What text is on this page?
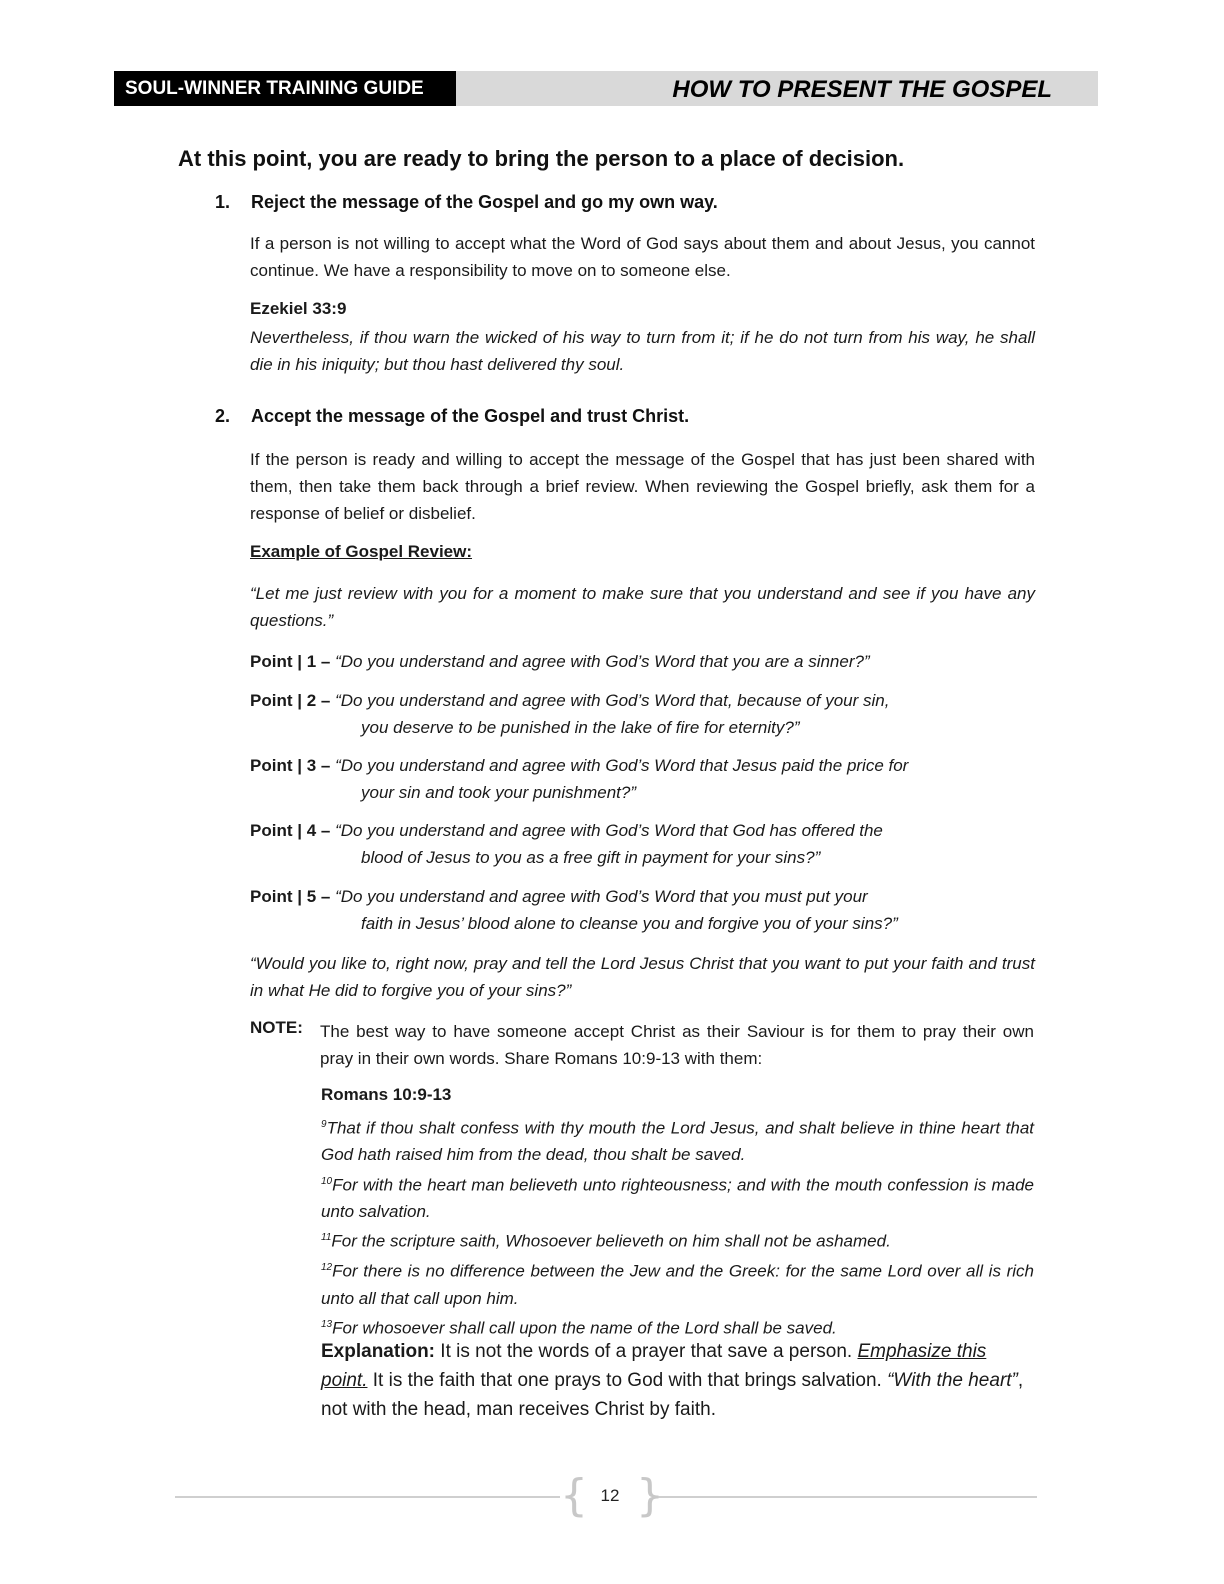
SOUL-WINNER TRAINING GUIDE	HOW TO PRESENT THE GOSPEL
At this point, you are ready to bring the person to a place of decision.
1. Reject the message of the Gospel and go my own way.
If a person is not willing to accept what the Word of God says about them and about Jesus, you cannot continue. We have a responsibility to move on to someone else.
Ezekiel 33:9
Nevertheless, if thou warn the wicked of his way to turn from it; if he do not turn from his way, he shall die in his iniquity; but thou hast delivered thy soul.
2. Accept the message of the Gospel and trust Christ.
If the person is ready and willing to accept the message of the Gospel that has just been shared with them, then take them back through a brief review. When reviewing the Gospel briefly, ask them for a response of belief or disbelief.
Example of Gospel Review:
“Let me just review with you for a moment to make sure that you understand and see if you have any questions.”
Point | 1 – “Do you understand and agree with God’s Word that you are a sinner?”
Point | 2 – “Do you understand and agree with God’s Word that, because of your sin,
you deserve to be punished in the lake of fire for eternity?”
Point | 3 – “Do you understand and agree with God’s Word that Jesus paid the price for
your sin and took your punishment?”
Point | 4 – “Do you understand and agree with God’s Word that God has offered the
blood of Jesus to you as a free gift in payment for your sins?”
Point | 5 – “Do you understand and agree with God’s Word that you must put your
faith in Jesus’ blood alone to cleanse you and forgive you of your sins?”
“Would you like to, right now, pray and tell the Lord Jesus Christ that you want to put your faith and trust in what He did to forgive you of your sins?”
NOTE: The best way to have someone accept Christ as their Saviour is for them to pray their own pray in their own words. Share Romans 10:9-13 with them:
Romans 10:9-13
$^9$That if thou shalt confess with thy mouth the Lord Jesus, and shalt believe in thine heart that God hath raised him from the dead, thou shalt be saved.
$^{10}$For with the heart man believeth unto righteousness; and with the mouth confession is made unto salvation.
$^{11}$For the scripture saith, Whosoever believeth on him shall not be ashamed.
$^{12}$For there is no difference between the Jew and the Greek: for the same Lord over all is rich unto all that call upon him.
$^{13}$For whosoever shall call upon the name of the Lord shall be saved.
Explanation: It is not the words of a prayer that save a person. Emphasize this point. It is the faith that one prays to God with that brings salvation. “With the heart”, not with the head, man receives Christ by faith.
{ }
12
